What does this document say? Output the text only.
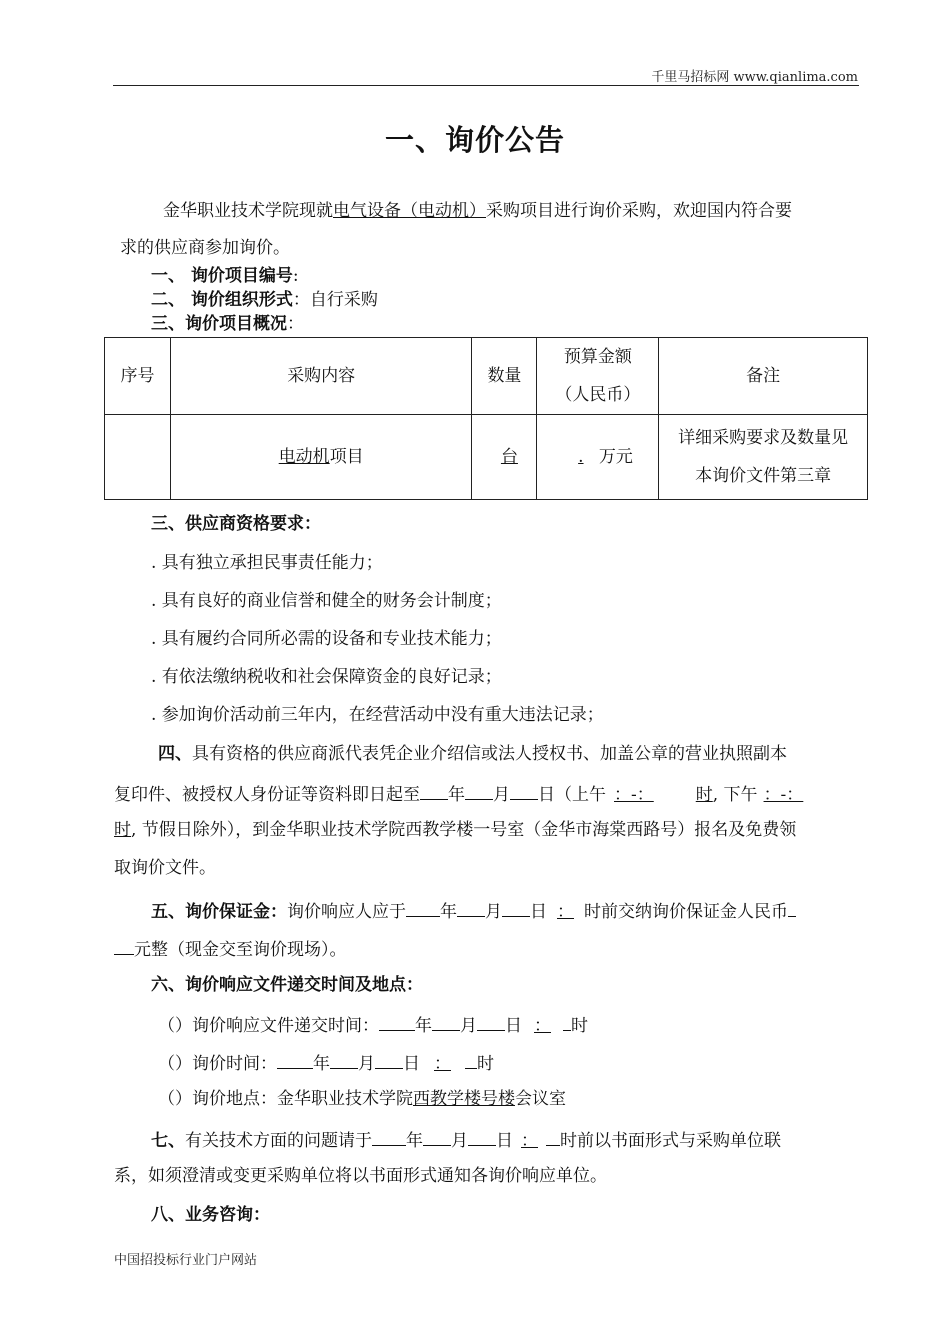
千里马招标网 www.qianlima.com
一、询价公告
金华职业技术学院现就电气设备（电动机）采购项目进行询价采购，欢迎国内符合要
求的供应商参加询价。
一、 询价项目编号:
二、 询价组织形式：自行采购
三、询价项目概况：
序号	采购内容	数量	预算金额
（人民币）	备注
	电动机项目	台	.万元	详细采购要求及数量见
本询价文件第三章
三、供应商资格要求：
. 具有独立承担民事责任能力；
. 具有良好的商业信誉和健全的财务会计制度；
. 具有履约合同所必需的设备和专业技术能力；
. 有依法缴纳税收和社会保障资金的良好记录；
. 参加询价活动前三年内，在经营活动中没有重大违法记录；
四、具有资格的供应商派代表凭企业介绍信或法人授权书、加盖公章的营业执照副本
复印件、被授权人身份证等资料即日起至 年 月 日（上午 ：-： 时, 下午 ：-：
时, 节假日除外），到金华职业技术学院西教学楼一号室（金华市海棠西路号）报名及免费领
取询价文件。
五、询价保证金：询价响应人应于 年 月 日 ： 时前交纳询价保证金人民币
元整（现金交至询价现场）。
六、询价响应文件递交时间及地点：
（）询价响应文件递交时间： 年 月 日 ： 时
（）询价时间： 年 月 日 ： 时
（）询价地点：金华职业技术学院西教学楼号楼会议室
七、有关技术方面的问题请于 年 月 日 ： 时前以书面形式与采购单位联
系，如须澄清或变更采购单位将以书面形式通知各询价响应单位。
八、业务咨询：
中国招投标行业门户网站
